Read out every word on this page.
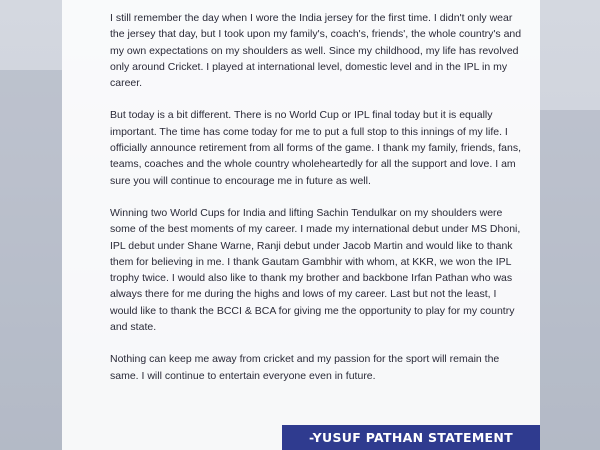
I still remember the day when I wore the India jersey for the first time. I didn't only wear the jersey that day, but I took upon my family's, coach's, friends', the whole country's and my own expectations on my shoulders as well. Since my childhood, my life has revolved only around Cricket. I played at international level, domestic level and in the IPL in my career.

But today is a bit different. There is no World Cup or IPL final today but it is equally important. The time has come today for me to put a full stop to this innings of my life. I officially announce retirement from all forms of the game. I thank my family, friends, fans, teams, coaches and the whole country wholeheartedly for all the support and love. I am sure you will continue to encourage me in future as well.

Winning two World Cups for India and lifting Sachin Tendulkar on my shoulders were some of the best moments of my career. I made my international debut under MS Dhoni, IPL debut under Shane Warne, Ranji debut under Jacob Martin and would like to thank them for believing in me. I thank Gautam Gambhir with whom, at KKR, we won the IPL trophy twice. I would also like to thank my brother and backbone Irfan Pathan who was always there for me during the highs and lows of my career. Last but not the least, I would like to thank the BCCI & BCA for giving me the opportunity to play for my country and state.

Nothing can keep me away from cricket and my passion for the sport will remain the same. I will continue to entertain everyone even in future.

-YUSUF PATHAN STATEMENT
